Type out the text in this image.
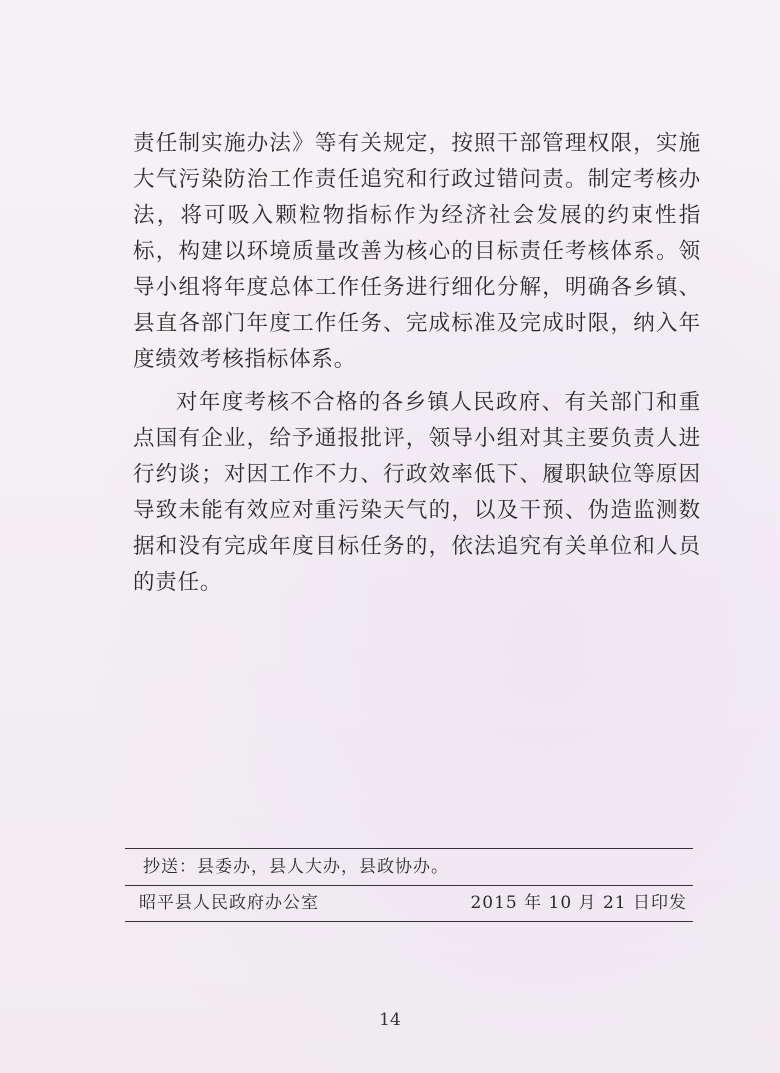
责任制实施办法》等有关规定，按照干部管理权限，实施大气污染防治工作责任追究和行政过错问责。制定考核办法，将可吸入颗粒物指标作为经济社会发展的约束性指标，构建以环境质量改善为核心的目标责任考核体系。领导小组将年度总体工作任务进行细化分解，明确各乡镇、县直各部门年度工作任务、完成标准及完成时限，纳入年度绩效考核指标体系。

对年度考核不合格的各乡镇人民政府、有关部门和重点国有企业，给予通报批评，领导小组对其主要负责人进行约谈；对因工作不力、行政效率低下、履职缺位等原因导致未能有效应对重污染天气的，以及干预、伪造监测数据和没有完成年度目标任务的，依法追究有关单位和人员的责任。

抄送：县委办，县人大办，县政协办。
昭平县人民政府办公室	2015 年 10 月 21 日印发
14
